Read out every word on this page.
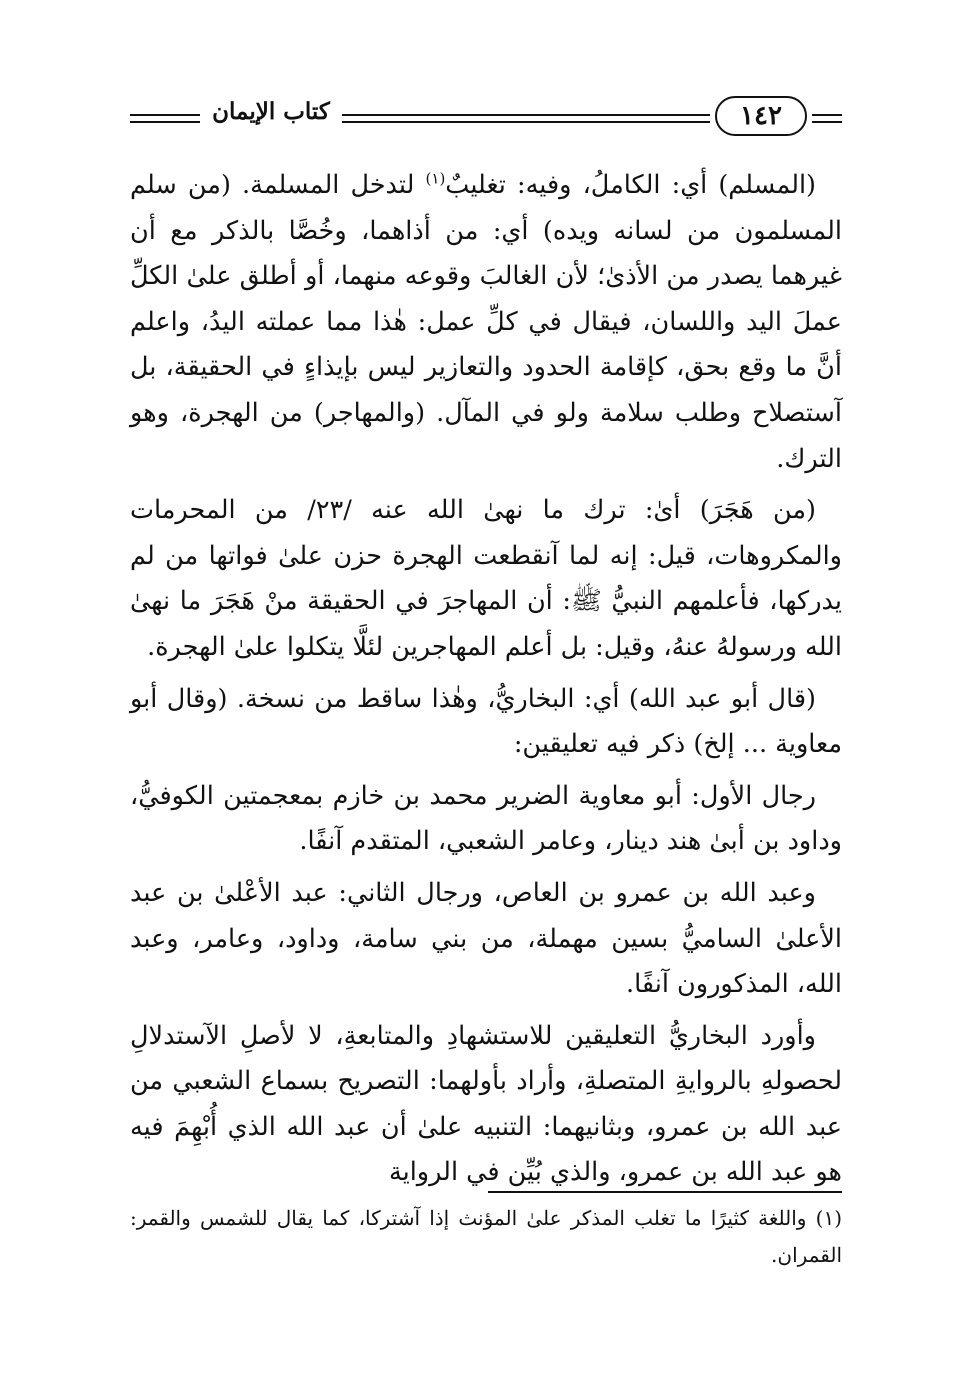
كتاب الإيمان	١٤٢

(المسلم) أي: الكاملُ، وفيه: تغليبٌ$^{(١)}$ لتدخل المسلمة. (من سلم المسلمون من لسانه ويده) أي: من أذاهما، وخُصَّا بالذكر مع أن غيرهما يصدر من الأذىٰ؛ لأن الغالبَ وقوعه منهما، أو أطلق علىٰ الكلِّ عملَ اليد واللسان، فيقال في كلِّ عمل: هٰذا مما عملته اليدُ، واعلم أنَّ ما وقع بحق، كإقامة الحدود والتعازير ليس بإيذاءٍ في الحقيقة، بل آستصلاح وطلب سلامة ولو في المآل. (والمهاجر) من الهجرة، وهو الترك.

(من هَجَرَ) أىٰ: ترك ما نهىٰ الله عنه /٢٣/ من المحرمات والمكروهات، قيل: إنه لما آنقطعت الهجرة حزن علىٰ فواتها من لم يدركها، فأعلمهم النبيُّ ﷺ: أن المهاجرَ في الحقيقة منْ هَجَرَ ما نهىٰ الله ورسولهُ عنهُ، وقيل: بل أعلم المهاجرين لئلَّا يتكلوا علىٰ الهجرة.

(قال أبو عبد الله) أي: البخاريُّ، وهٰذا ساقط من نسخة. (وقال أبو معاوية ... إلخ) ذكر فيه تعليقين:

رجال الأول: أبو معاوية الضرير محمد بن خازم بمعجمتين الكوفيُّ، وداود بن أبىٰ هند دينار، وعامر الشعبي، المتقدم آنفًا.

وعبد الله بن عمرو بن العاص، ورجال الثاني: عبد الأعْلىٰ بن عبد الأعلىٰ الساميُّ بسين مهملة، من بني سامة، وداود، وعامر، وعبد الله، المذكورون آنفًا.

وأورد البخاريُّ التعليقين للاستشهادِ والمتابعةِ، لا لأصلِ الآستدلالِ لحصولهِ بالروايةِ المتصلةِ، وأراد بأولهما: التصريح بسماع الشعبي من عبد الله بن عمرو، وبثانيهما: التنبيه علىٰ أن عبد الله الذي أُبْهِمَ فيه هو عبد الله بن عمرو، والذي بُيِّن في الرواية

(١) واللغة كثيرًا ما تغلب المذكر علىٰ المؤنث إذا آشتركا، كما يقال للشمس والقمر: القمران.
